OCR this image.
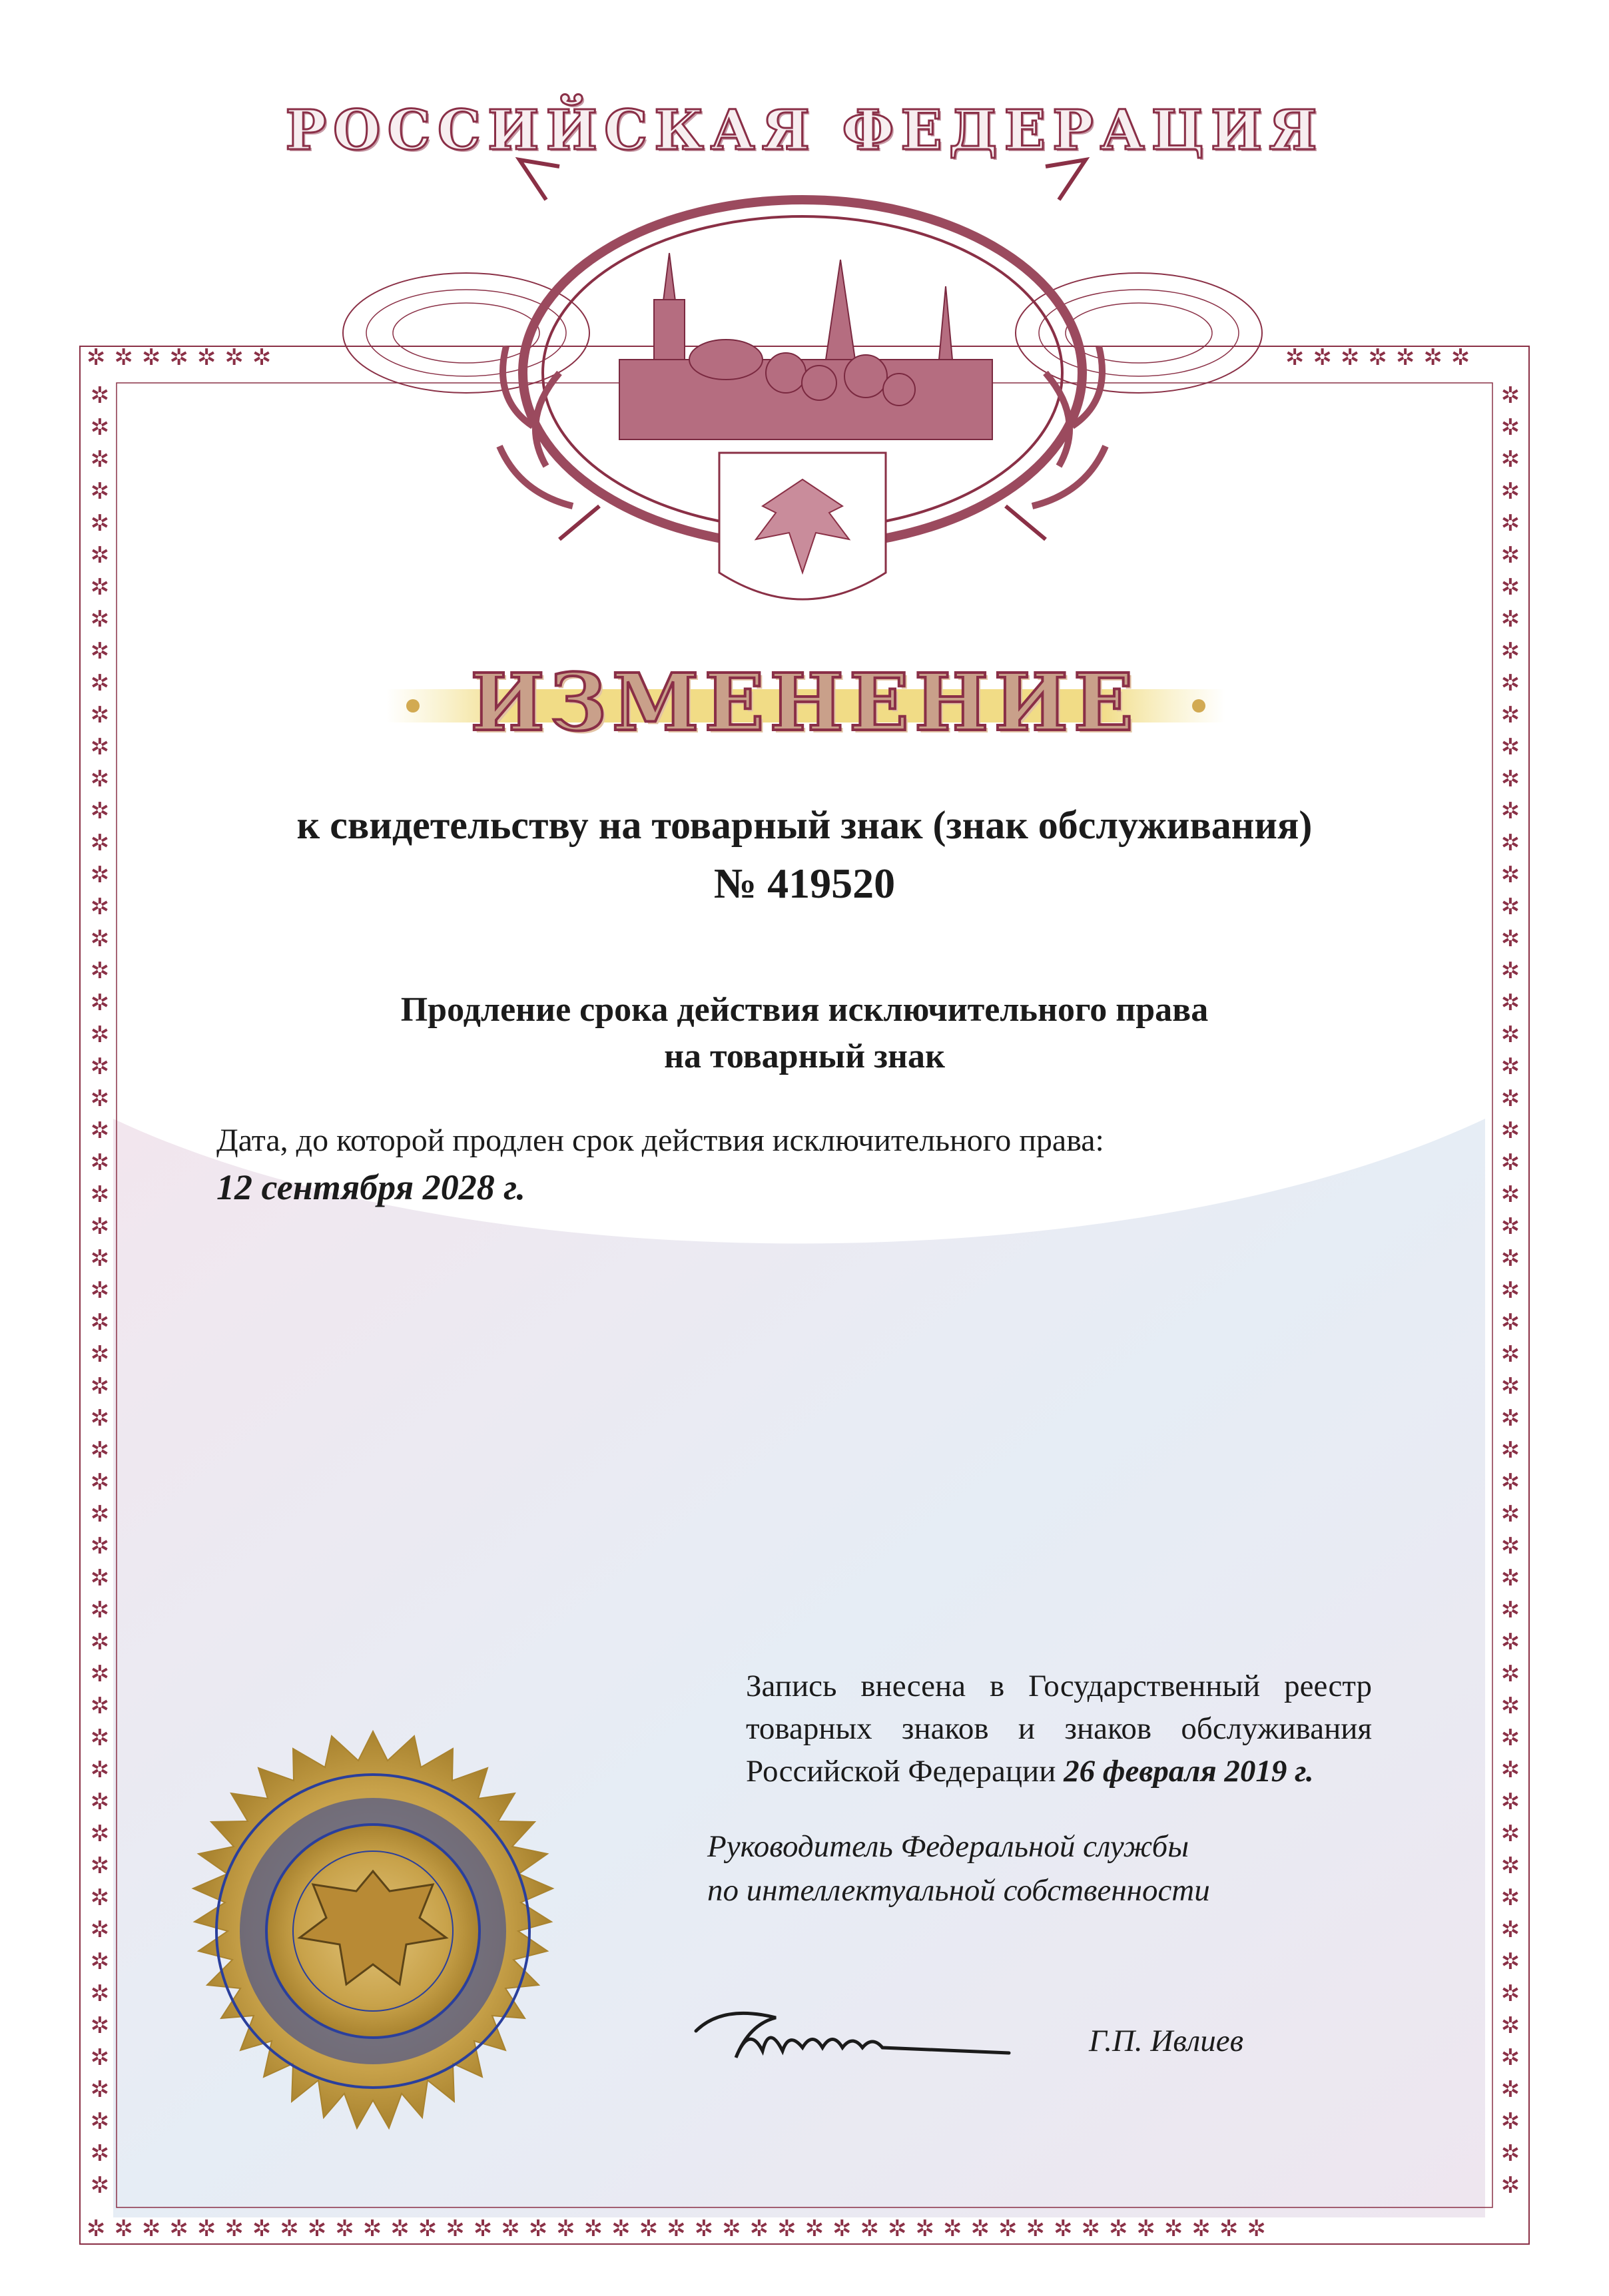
✲✲✲✲✲✲✲	✲✲✲✲✲✲✲
✲✲✲✲✲✲✲✲✲✲✲✲✲✲✲✲✲✲✲✲✲✲✲✲✲✲✲✲✲✲✲✲✲✲✲✲✲✲✲✲✲✲✲
✲✲✲✲✲✲✲✲✲✲✲✲✲✲✲✲✲✲✲✲✲✲✲✲✲✲✲✲✲✲✲✲✲✲✲✲✲✲✲✲✲✲✲✲✲✲✲✲✲✲✲✲✲✲✲✲✲
✲✲✲✲✲✲✲✲✲✲✲✲✲✲✲✲✲✲✲✲✲✲✲✲✲✲✲✲✲✲✲✲✲✲✲✲✲✲✲✲✲✲✲✲✲✲✲✲✲✲✲✲✲✲✲✲✲
РОССИЙСКАЯ ФЕДЕРАЦИЯ
ИЗМЕНЕНИЕ
к свидетельству на товарный знак (знак обслуживания)
№ 419520
Продление срока действия исключительного права
на товарный знак
Дата, до которой продлен срок действия исключительного права:
12 сентября 2028 г.
Запись внесена в Государственный реестр
товарных знаков и знаков обслуживания
Российской Федерации 26 февраля 2019 г.
Руководитель Федеральной службы
по интеллектуальной собственности
Г.П. Ивлиев
